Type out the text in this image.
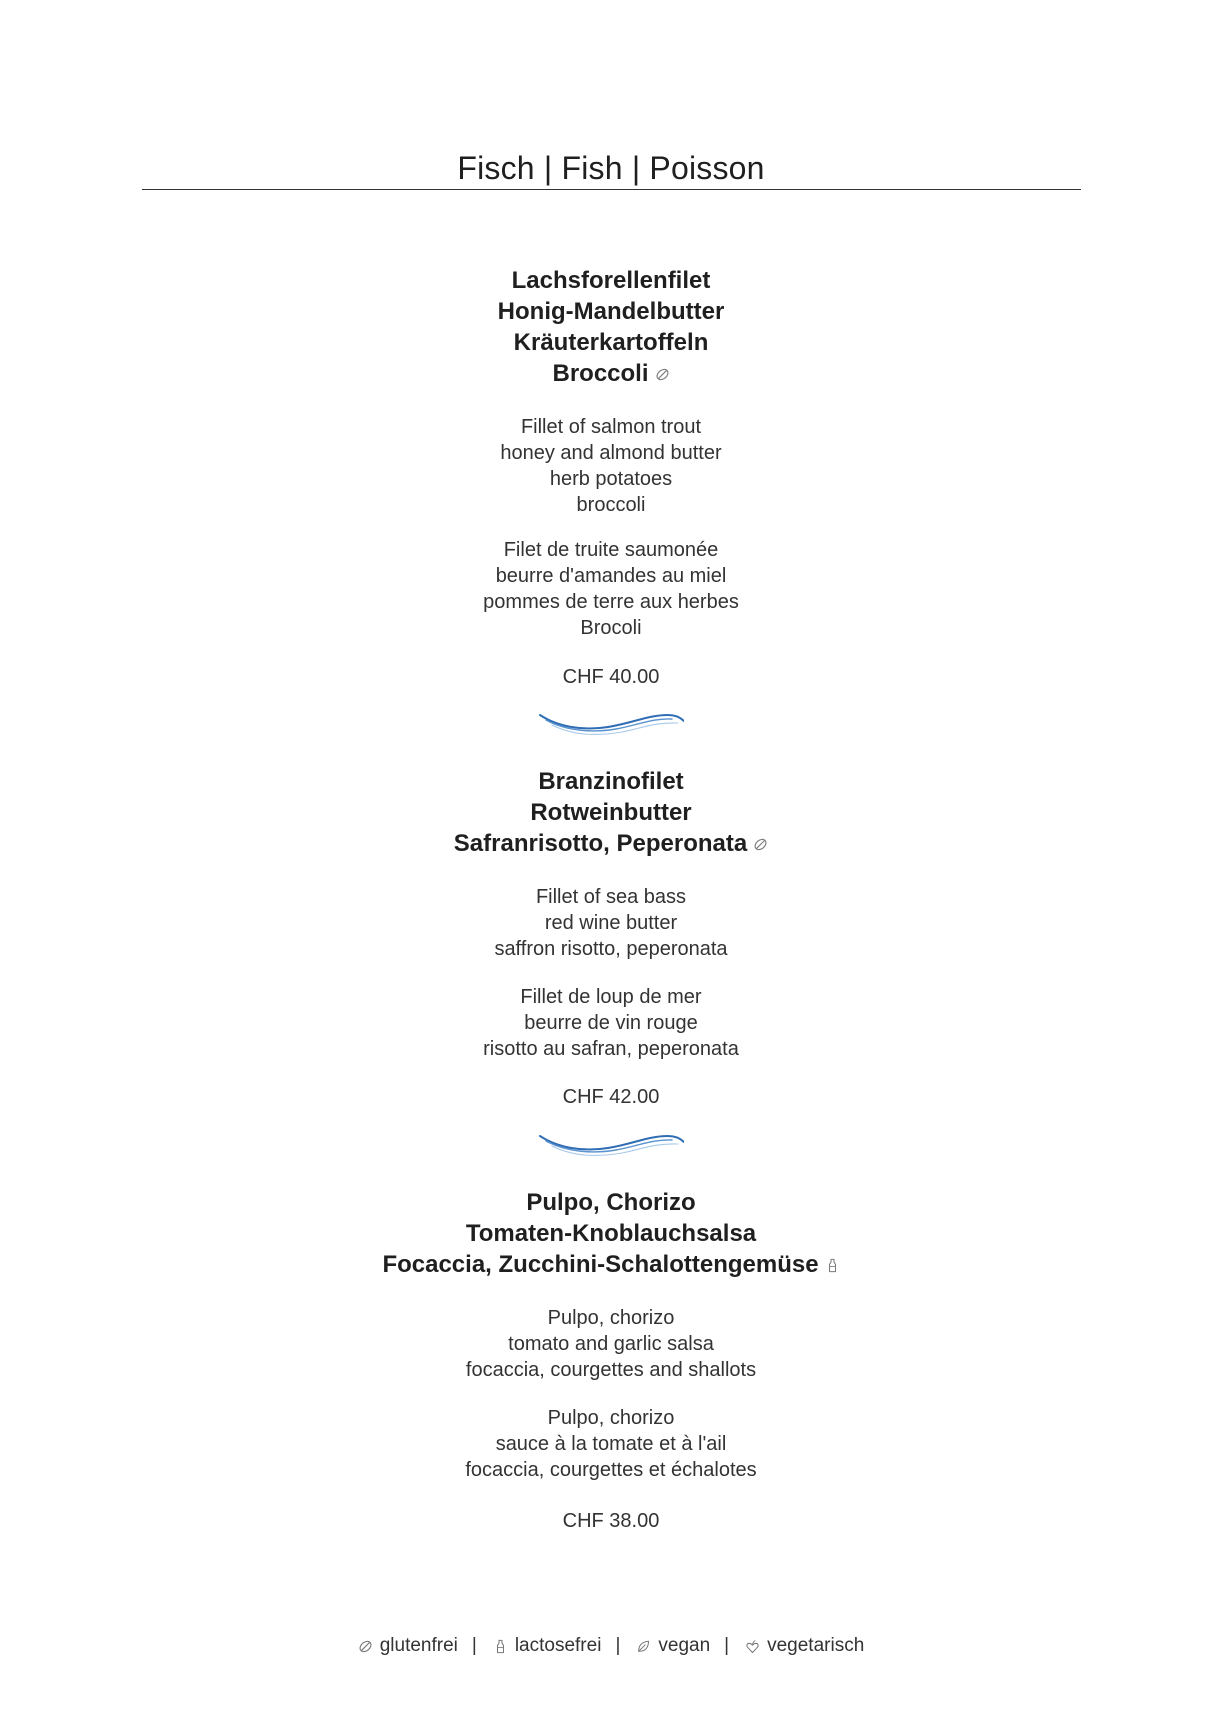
Fisch | Fish | Poisson
Lachsforellenfilet
Honig-Mandelbutter
Kräuterkartoffeln
Broccoli
Fillet of salmon trout
honey and almond butter
herb potatoes
broccoli
Filet de truite saumonée
beurre d'amandes au miel
pommes de terre aux herbes
Brocoli
CHF 40.00
Branzinofilet
Rotweinbutter
Safranrisotto, Peperonata
Fillet of sea bass
red wine butter
saffron risotto, peperonata
Fillet de loup de mer
beurre de vin rouge
risotto au safran, peperonata
CHF 42.00
Pulpo, Chorizo
Tomaten-Knoblauchsalsa
Focaccia, Zucchini-Schalottengemüse
Pulpo, chorizo
tomato and garlic salsa
focaccia, courgettes and shallots
Pulpo, chorizo
sauce à la tomate et à l'ail
focaccia, courgettes et échalotes
CHF 38.00
glutenfrei | lactosefrei | vegan | vegetarisch
